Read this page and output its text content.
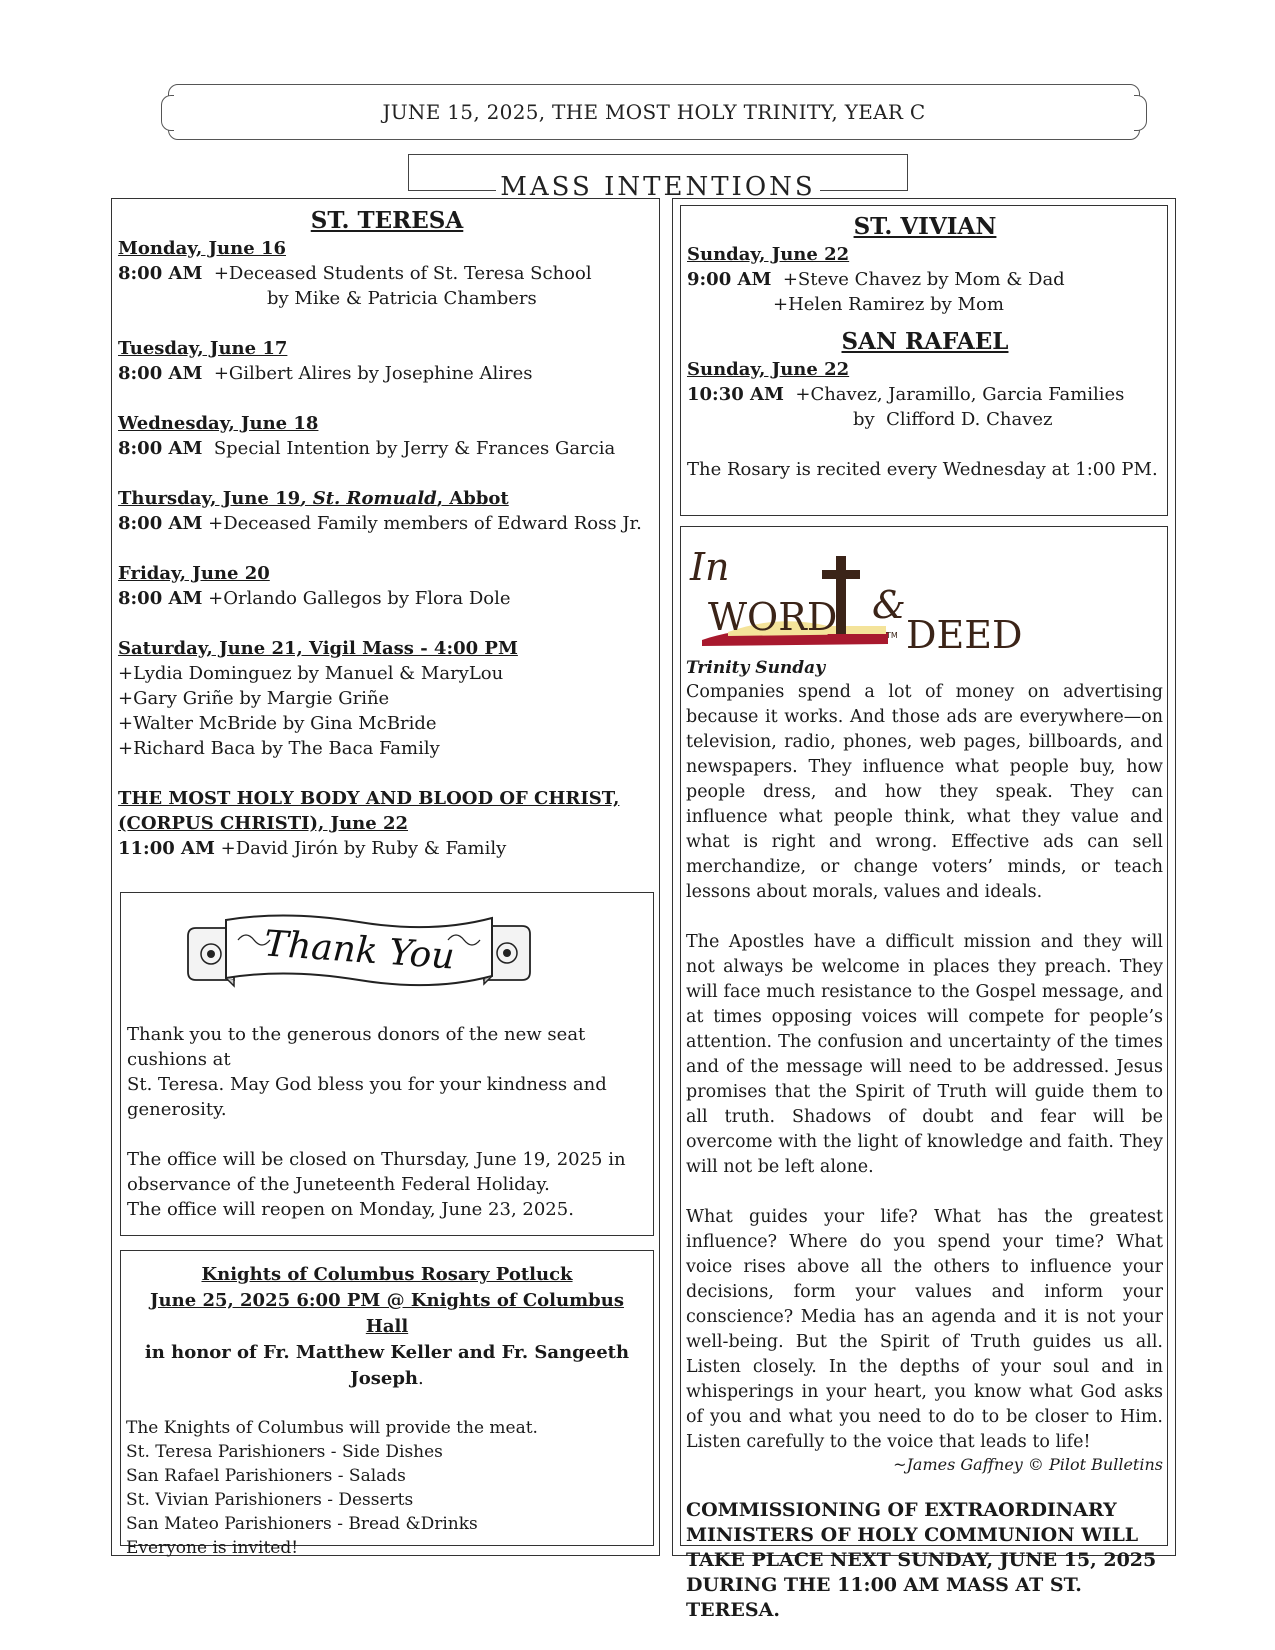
JUNE 15, 2025, THE MOST HOLY TRINITY, YEAR C
MASS INTENTIONS
ST. TERESA
Monday, June 16
8:00 AM +Deceased Students of St. Teresa School
by Mike & Patricia Chambers
Tuesday, June 17
8:00 AM +Gilbert Alires by Josephine Alires
Wednesday, June 18
8:00 AM Special Intention by Jerry & Frances Garcia
Thursday, June 19, St. Romuald, Abbot
8:00 AM +Deceased Family members of Edward Ross Jr.
Friday, June 20
8:00 AM +Orlando Gallegos by Flora Dole
Saturday, June 21, Vigil Mass - 4:00 PM
+Lydia Dominguez by Manuel & MaryLou
+Gary Griñe by Margie Griñe
+Walter McBride by Gina McBride
+Richard Baca by The Baca Family
THE MOST HOLY BODY AND BLOOD OF CHRIST,
(CORPUS CHRISTI), June 22
11:00 AM +David Jirón by Ruby & Family
Thank You
Thank you to the generous donors of the new seat cushions at
St. Teresa. May God bless you for your kindness and generosity.
The office will be closed on Thursday, June 19, 2025 in
observance of the Juneteenth Federal Holiday.
The office will reopen on Monday, June 23, 2025.
Knights of Columbus Rosary Potluck
June 25, 2025 6:00 PM @ Knights of Columbus Hall
in honor of Fr. Matthew Keller and Fr. Sangeeth Joseph.
The Knights of Columbus will provide the meat.
St. Teresa Parishioners - Side Dishes
San Rafael Parishioners - Salads
St. Vivian Parishioners - Desserts
San Mateo Parishioners - Bread &Drinks
Everyone is invited!
ST. VIVIAN
Sunday, June 22
9:00 AM +Steve Chavez by Mom & Dad
+Helen Ramirez by Mom
SAN RAFAEL
Sunday, June 22
10:30 AM +Chavez, Jaramillo, Garcia Families
by  Clifford D. Chavez
The Rosary is recited every Wednesday at 1:00 PM.
In
WORD &
DEED
TM
Trinity Sunday

Companies spend a lot of money on advertising because it works. And those ads are everywhere—on television, radio, phones, web pages, billboards, and newspapers. They influence what people buy, how people dress, and how they speak. They can influence what people think, what they value and what is right and wrong. Effective ads can sell merchandize, or change voters’ minds, or teach lessons about morals, values and ideals.

The Apostles have a difficult mission and they will not always be welcome in places they preach. They will face much resistance to the Gospel message, and at times opposing voices will compete for people’s attention. The confusion and uncertainty of the times and of the message will need to be addressed. Jesus promises that the Spirit of Truth will guide them to all truth. Shadows of doubt and fear will be overcome with the light of knowledge and faith. They will not be left alone.

What guides your life? What has the greatest influence? Where do you spend your time? What voice rises above all the others to influence your decisions, form your values and inform your conscience? Media has an agenda and it is not your well-being. But the Spirit of Truth guides us all. Listen closely. In the depths of your soul and in whisperings in your heart, you know what God asks of you and what you need to do to be closer to Him. Listen carefully to the voice that leads to life!

~James Gaffney © Pilot Bulletins
COMMISSIONING OF EXTRAORDINARY MINISTERS OF HOLY COMMUNION WILL TAKE PLACE NEXT SUNDAY, JUNE 15, 2025 DURING THE 11:00 AM MASS AT ST. TERESA.
